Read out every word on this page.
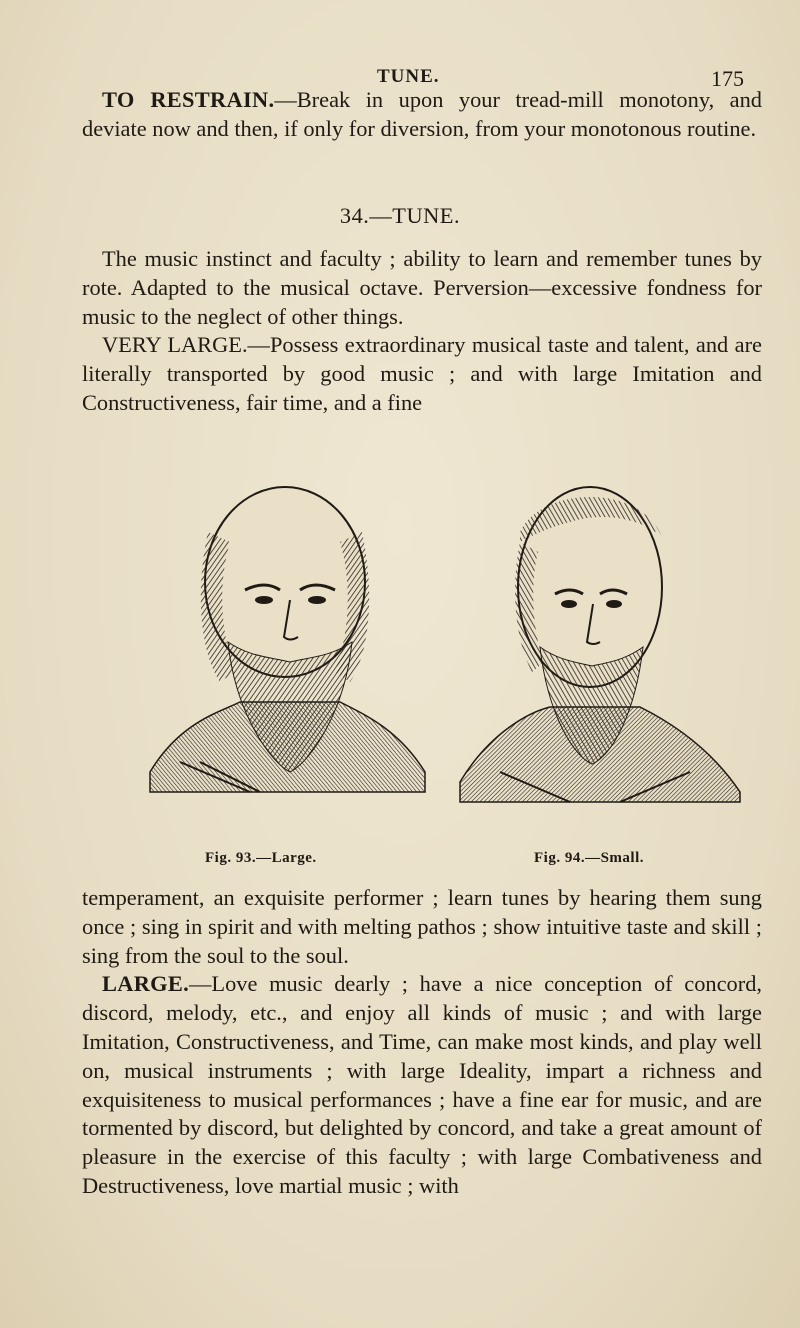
TUNE.	175

TO RESTRAIN.—Break in upon your tread-mill monotony, and deviate now and then, if only for diversion, from your monotonous routine.

34.—TUNE.

The music instinct and faculty ; ability to learn and remember tunes by rote. Adapted to the musical octave. Perversion—excessive fondness for music to the neglect of other things.

VERY LARGE.—Possess extraordinary musical taste and talent, and are literally transported by good music ; and with large Imitation and Constructiveness, fair time, and a fine

Fig. 93.—Large.	Fig. 94.—Small.

temperament, an exquisite performer ; learn tunes by hearing them sung once ; sing in spirit and with melting pathos ; show intuitive taste and skill ; sing from the soul to the soul.

LARGE.—Love music dearly ; have a nice conception of concord, discord, melody, etc., and enjoy all kinds of music ; and with large Imitation, Constructiveness, and Time, can make most kinds, and play well on, musical instruments ; with large Ideality, impart a richness and exquisiteness to musical performances ; have a fine ear for music, and are tormented by discord, but delighted by concord, and take a great amount of pleasure in the exercise of this faculty ; with large Combativeness and Destructiveness, love martial music ; with
